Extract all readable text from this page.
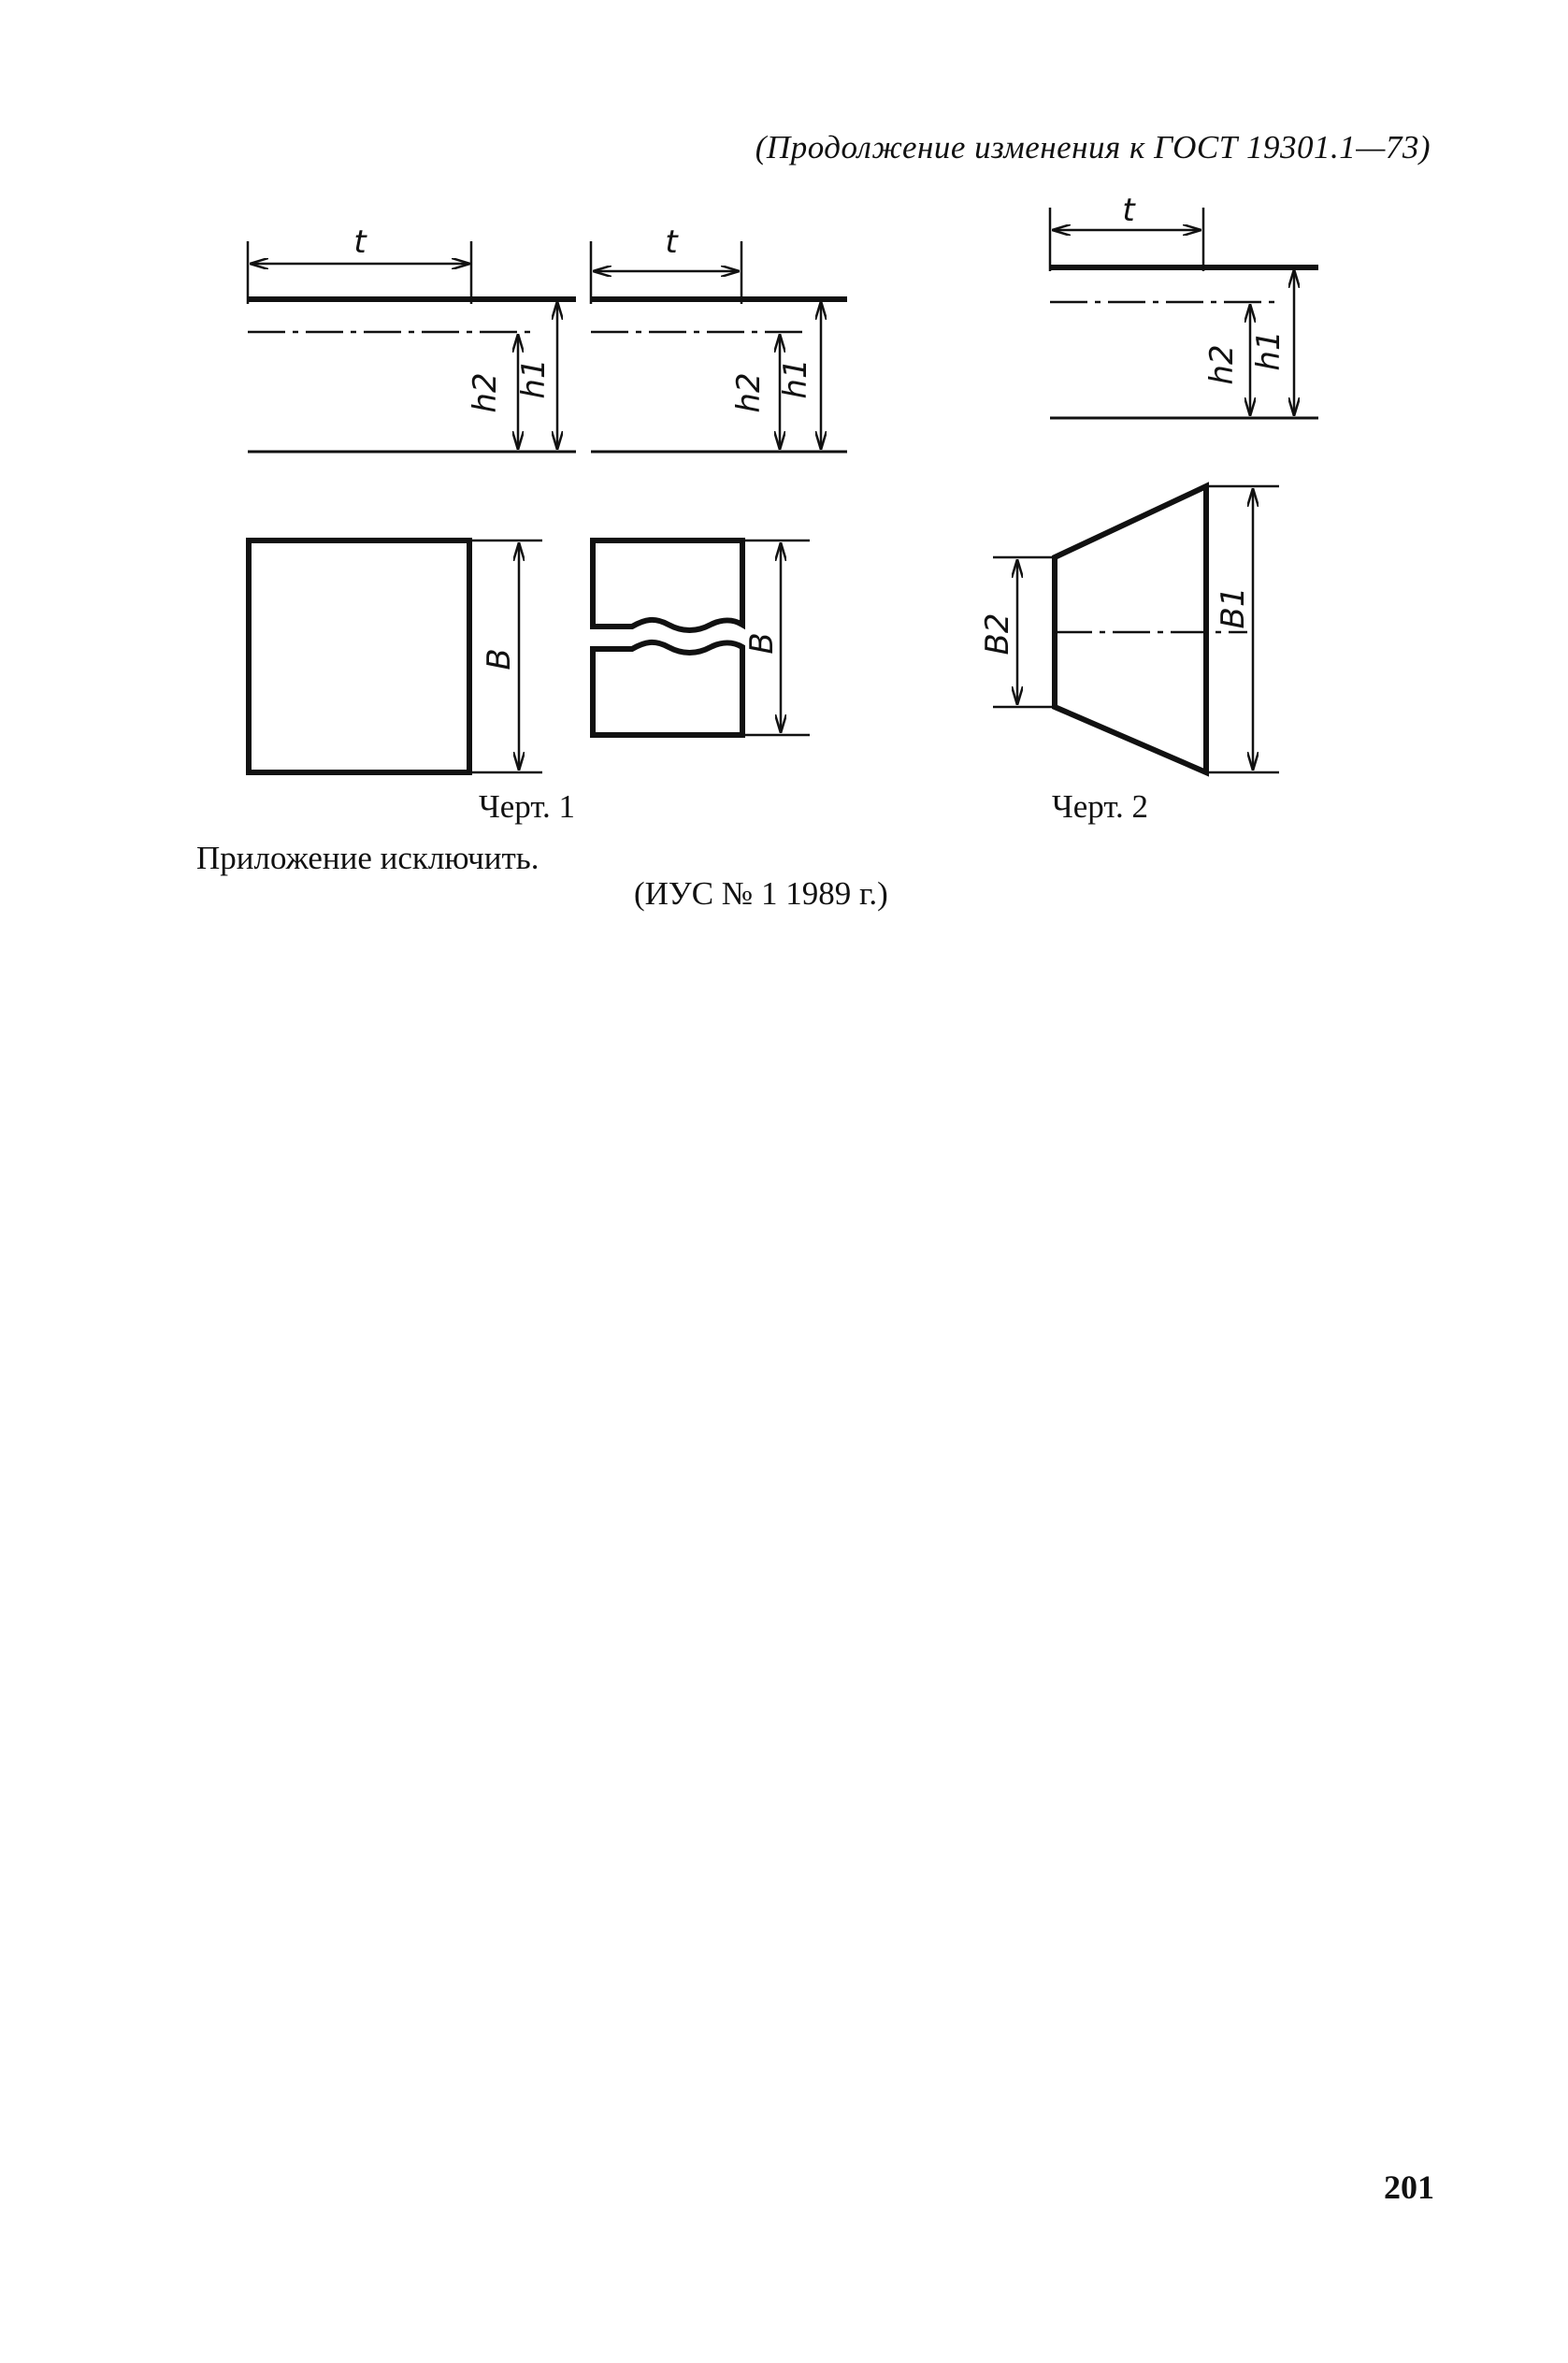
(Продолжение изменения к ГОСТ 19301.1—73)
t
h2 h1
t
h2 h1
t
h2 h1
B
B	B2
B1
Черт. 1	Черт. 2
Приложение исключить.
(ИУС № 1 1989 г.)
201
